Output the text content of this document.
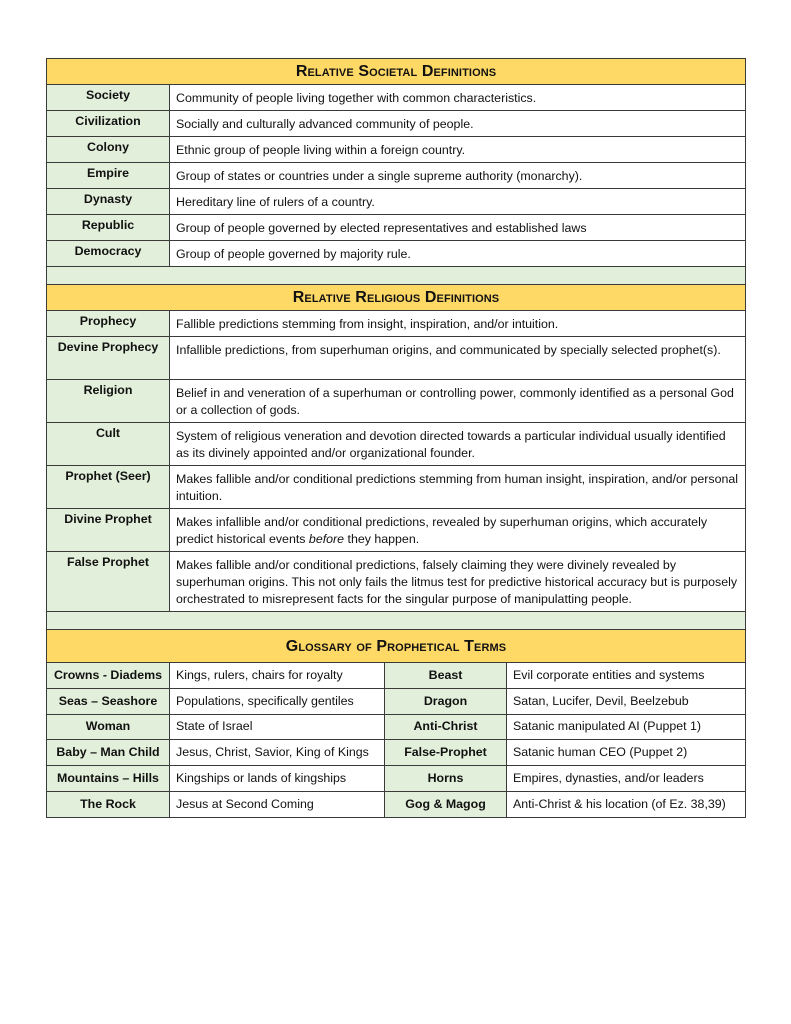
Relative Societal Definitions			
Society	Community of people living together with common characteristics.		
Civilization	Socially and culturally advanced community of people.		
Colony	Ethnic group of people living within a foreign country.		
Empire	Group of states or countries under a single supreme authority (monarchy).		
Dynasty	Hereditary line of rulers of a country.		
Republic	Group of people governed by elected representatives and established laws		
Democracy	Group of people governed by majority rule.		

Relative Religious Definitions			
Prophecy	Fallible predictions stemming from insight, inspiration, and/or intuition.		
Devine Prophecy	Infallible predictions, from superhuman origins, and communicated by specially selected prophet(s).		
Religion	Belief in and veneration of a superhuman or controlling power, commonly identified as a personal God or a collection of gods.		
Cult	System of religious veneration and devotion directed towards a particular individual usually identified as its divinely appointed and/or organizational founder.		
Prophet (Seer)	Makes fallible and/or conditional predictions stemming from human insight, inspiration, and/or personal intuition.		
Divine Prophet	Makes infallible and/or conditional predictions, revealed by superhuman origins, which accurately predict historical events before they happen.		
False Prophet	Makes fallible and/or conditional predictions, falsely claiming they were divinely revealed by superhuman origins. This not only fails the litmus test for predictive historical accuracy but is purposely orchestrated to misrepresent facts for the singular purpose of manipulatting people.		

Glossary of Prophetical Terms			
Crowns - Diadems	Kings, rulers, chairs for royalty	Beast	Evil corporate entities and systems
Seas – Seashore	Populations, specifically gentiles	Dragon	Satan, Lucifer, Devil, Beelzebub
Woman	State of Israel	Anti-Christ	Satanic manipulated AI (Puppet 1)
Baby – Man Child	Jesus, Christ, Savior, King of Kings	False-Prophet	Satanic human CEO (Puppet 2)
Mountains – Hills	Kingships or lands of kingships	Horns	Empires, dynasties, and/or leaders
The Rock	Jesus at Second Coming	Gog & Magog	Anti-Christ & his location (of Ez. 38,39)
